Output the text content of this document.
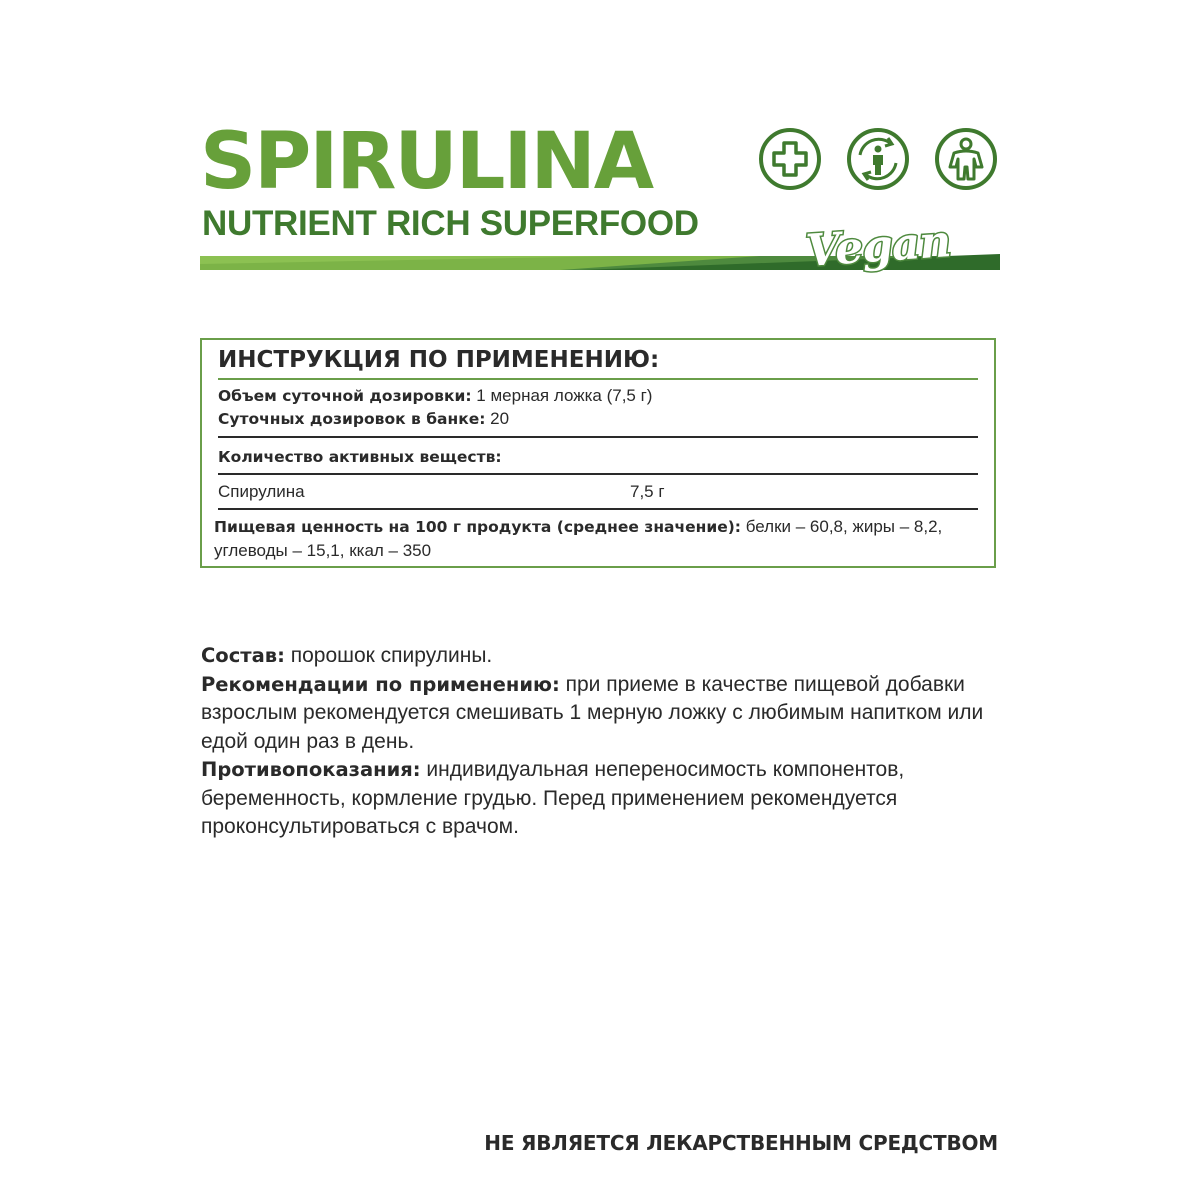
SPIRULINA
NUTRIENT RICH SUPERFOOD Vegan
ИНСТРУКЦИЯ ПО ПРИМЕНЕНИЮ:

Объем суточной дозировки: 1 мерная ложка (7,5 г)

Суточных дозировок в банке: 20

Количество активных веществ:

Спирулина	7,5 г

Пищевая ценность на 100 г продукта (среднее значение): белки – 60,8, жиры – 8,2, углеводы – 15,1, ккал – 350

Состав: порошок спирулины.

Рекомендации по применению: при приеме в качестве пищевой добавки взрослым рекомендуется смешивать 1 мерную ложку с любимым напитком или едой один раз в день.

Противопоказания: индивидуальная непереносимость компонентов, беременность, кормление грудью. Перед применением рекомендуется проконсультироваться с врачом.

НЕ ЯВЛЯЕТСЯ ЛЕКАРСТВЕННЫМ СРЕДСТВОМ
